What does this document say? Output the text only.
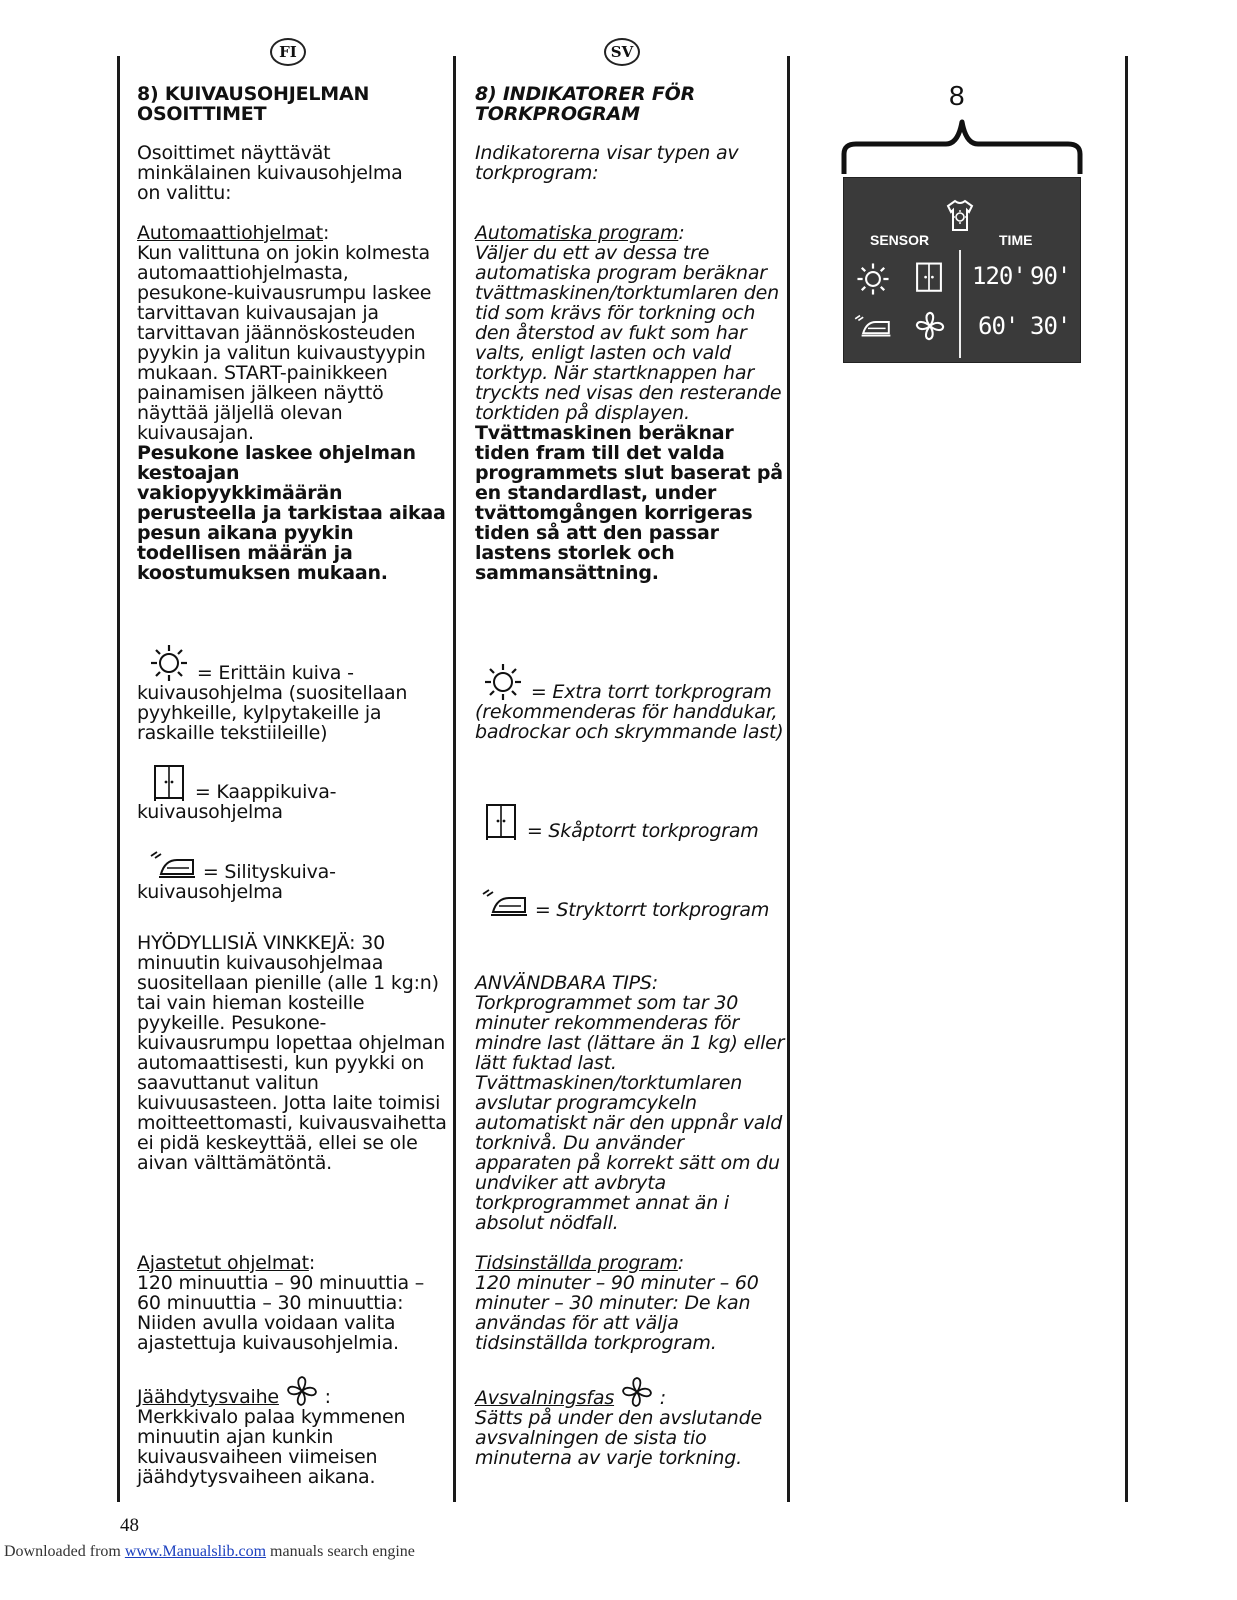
FI	SV

8) KUIVAUSOHJELMAN OSOITTIMET

Osoittimet näyttävät minkälainen kuivausohjelma on valittu:

Automaattiohjelmat:
Kun valittuna on jokin kolmesta automaattiohjelmasta, pesukone-kuivausrumpu laskee tarvittavan kuivausajan ja tarvittavan jäännöskosteuden pyykin ja valitun kuivaustyypin mukaan. START-painikkeen painamisen jälkeen näyttö näyttää jäljellä olevan kuivausajan.
Pesukone laskee ohjelman kestoajan vakiopyykkimäärän perusteella ja tarkistaa aikaa pesun aikana pyykin todellisen määrän ja koostumuksen mukaan.

= Erittäin kuiva - kuivausohjelma (suositellaan pyyhkeille, kylpytakeille ja raskaille tekstiileille)
= Kaappikuiva- kuivausohjelma
= Silityskuiva- kuivausohjelma

HYÖDYLLISIÄ VINKKEJÄ: 30 minuutin kuivausohjelmaa suositellaan pienille (alle 1 kg:n) tai vain hieman kosteille pyykeille. Pesukone-kuivausrumpu lopettaa ohjelman automaattisesti, kun pyykki on saavuttanut valitun kuivuusasteen. Jotta laite toimisi moitteettomasti, kuivausvaihetta ei pidä keskeyttää, ellei se ole aivan välttämätöntä.

Ajastetut ohjelmat:
120 minuuttia – 90 minuuttia – 60 minuuttia – 30 minuuttia: Niiden avulla voidaan valita ajastettuja kuivausohjelmia.

Jäähdytysvaihe  :
Merkkivalo palaa kymmenen minuutin ajan kunkin kuivausvaiheen viimeisen jäähdytysvaiheen aikana.

8) INDIKATORER FÖR TORKPROGRAM

Indikatorerna visar typen av torkprogram:

Automatiska program:
Väljer du ett av dessa tre automatiska program beräknar tvättmaskinen/torktumlaren den tid som krävs för torkning och den återstod av fukt som har valts, enligt lasten och vald torktyp. När startknappen har tryckts ned visas den resterande torktiden på displayen.
Tvättmaskinen beräknar tiden fram till det valda programmets slut baserat på en standardlast, under tvättomgången korrigeras tiden så att den passar lastens storlek och sammansättning.

= Extra torrt torkprogram (rekommenderas för handdukar, badrockar och skrymmande last)
= Skåptorrt torkprogram
= Stryktorrt torkprogram

ANVÄNDBARA TIPS: Torkprogrammet som tar 30 minuter rekommenderas för mindre last (lättare än 1 kg) eller lätt fuktad last. Tvättmaskinen/torktumlaren avslutar programcykeln automatiskt när den uppnår vald torknivå. Du använder apparaten på korrekt sätt om du undviker att avbryta torkprogrammet annat än i absolut nödfall.

Tidsinställda program:
120 minuter – 90 minuter – 60 minuter – 30 minuter: De kan användas för att välja tidsinställda torkprogram.

Avsvalningsfas  :
Sätts på under den avslutande avsvalningen de sista tio minuterna av varje torkning.

8
SENSOR	TIME
120' 90'
60' 30'
48
Downloaded from www.Manualslib.com manuals search engine
